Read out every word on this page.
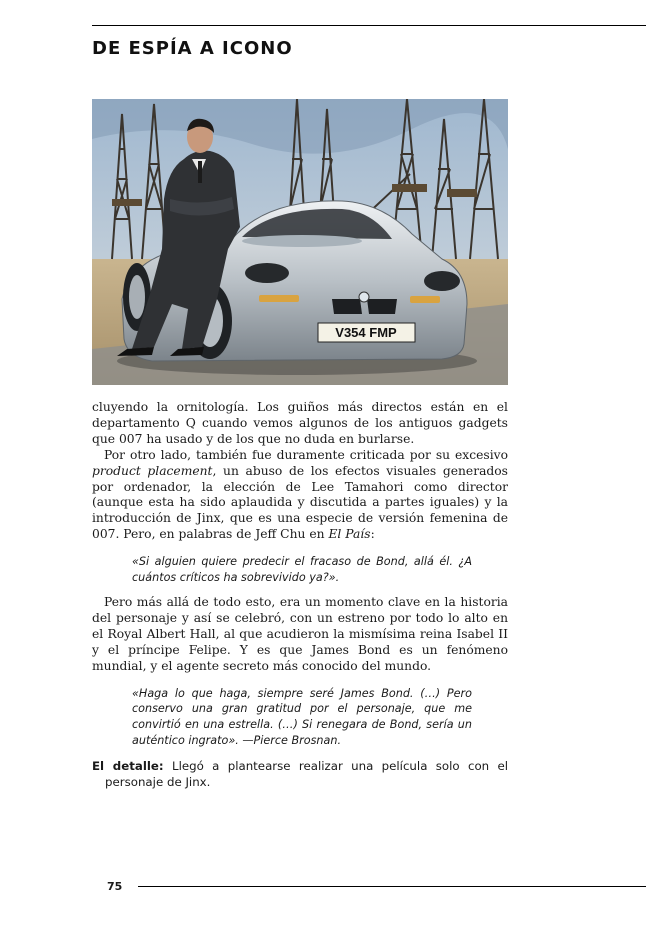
DE ESPÍA A ICONO
V354 FMP

cluyendo la ornitología. Los guiños más directos están en el departamento Q cuando vemos algunos de los antiguos gadgets que 007 ha usado y de los que no duda en burlarse.

Por otro lado, también fue duramente criticada por su excesivo product placement, un abuso de los efectos visuales generados por ordenador, la elección de Lee Tamahori como director (aunque esta ha sido aplaudida y discutida a partes iguales) y la introducción de Jinx, que es una especie de versión femenina de 007. Pero, en palabras de Jeff Chu en El País:

«Si alguien quiere predecir el fracaso de Bond, allá él. ¿A cuántos críticos ha sobrevivido ya?».

Pero más allá de todo esto, era un momento clave en la historia del personaje y así se celebró, con un estreno por todo lo alto en el Royal Albert Hall, al que acudieron la mismísima reina Isabel II y el príncipe Felipe. Y es que James Bond es un fenómeno mundial, y el agente secreto más conocido del mundo.

«Haga lo que haga, siempre seré James Bond. (…) Pero conservo una gran gratitud por el personaje, que me convirtió en una estrella. (…) Si renegara de Bond, sería un auténtico ingrato». —Pierce Brosnan.
El detalle: Llegó a plantearse realizar una película solo con el personaje de Jinx.
75
